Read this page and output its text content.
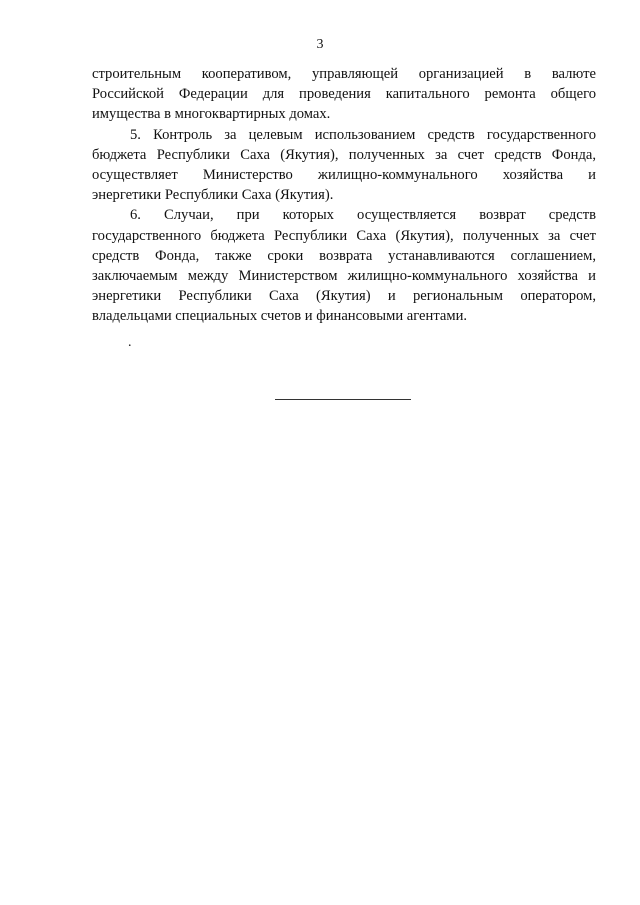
3

строительным кооперативом, управляющей организацией в валюте
Российской Федерации для проведения капитального ремонта общего
имущества в многоквартирных домах.

5. Контроль за целевым использованием средств государственного
бюджета Республики Саха (Якутия), полученных за счет средств Фонда,
осуществляет Министерство жилищно-коммунального хозяйства и
энергетики Республики Саха (Якутия).

6. Случаи, при которых осуществляется возврат средств
государственного бюджета Республики Саха (Якутия), полученных за счет
средств Фонда, также сроки возврата устанавливаются соглашением,
заключаемым между Министерством жилищно-коммунального хозяйства и
энергетики Республики Саха (Якутия) и региональным оператором,
владельцами специальных счетов и финансовыми агентами.

.
